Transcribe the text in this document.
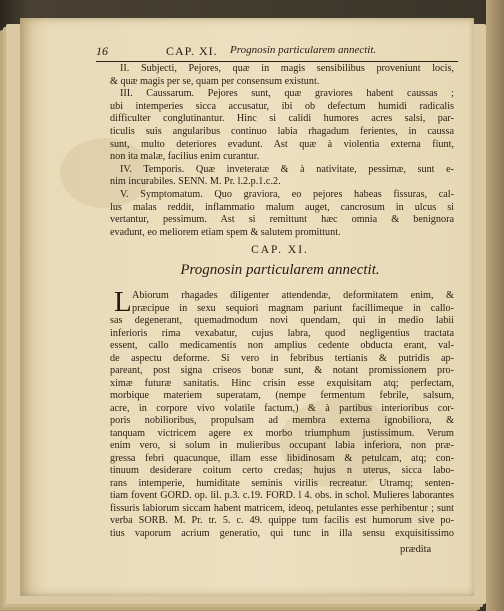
16	CAP. XI. Prognosin particularem annectit.
II. Subjecti, Pejores, quæ in magis sensibilibus proveniunt locis,
& quæ magis per se, quam per consensum existunt.
III. Caussarum. Pejores sunt, quæ graviores habent caussas ;
ubi intemperies sicca accusatur, ibi ob defectum humidi radicalis
difficulter conglutinantur. Hinc si calidi humores acres salsi, par-
ticulis suis angularibus continuo labia rhagadum ferientes, in caussa
sunt, multo deteriores evadunt. Ast quæ à violentia externa fiunt,
non ita malæ, facilius enim curantur.
IV. Temporis. Quæ inveteratæ & à nativitate, pessimæ, sunt e-
nim incurabiles. SENN. M. Pr. l.2.p.1.c.2.
V. Symptomatum. Quo graviora, eo pejores habeas fissuras, cal-
lus malas reddit, inflammatio malum auget, cancrosum in ulcus si
vertantur, pessimum. Ast si remittunt hæc omnia & benignora
evadunt, eo meliorem etiam spem & salutem promittunt.
CAP. XI.
Prognosin particularem annectit.
L Abiorum rhagades diligenter attendendæ, deformitatem enim, &
præcipue in sexu sequiori magnam pariunt facillimeque in callo-
sas degenerant, quemadmodum novi quendam, qui in medio labii
inferioris rima vexabatur, cujus labra, quod negligentius tractata
essent, callo medicamentis non amplius cedente obducta erant, val-
de aspectu deforme. Si vero in febribus tertianis & putridis ap-
pareant, post signa criseos bonæ sunt, & notant promissionem pro-
ximæ futuræ sanitatis. Hinc crisin esse exquisitam atq; perfectam,
morbique materiem superatam, (nempe fermentum febrile, salsum,
acre, in corpore vivo volatile factum,) & à partibus interioribus cor-
poris nobilioribus, propulsam ad membra externa ignobiliora, &
tanquam victricem agere ex morbo triumphum justissimum. Verum
enim vero, si solum in mulieribus occupant labia inferiora, non præ-
gressa febri quacunque, illam esse libidinosam & petulcam, atq; con-
tinuum desiderare coitum certo credas; hujus n uterus, sicca labo-
rans intemperie, humiditate seminis virilis recreatur. Utramq; senten-
tiam fovent GORD. op. lil. p.3. c.19. FORD. l 4. obs. in schol. Mulieres laborantes
fissuris labiorum siccam habent matricem, ideoq, petulantes esse perhibentur ; sunt
verba SORB. M. Pr. tr. 5. c. 49. quippe tum facilis est humorum sive po-
tius vaporum acrium generatio, qui tunc in illa sensu exquisitissimo
prædita
